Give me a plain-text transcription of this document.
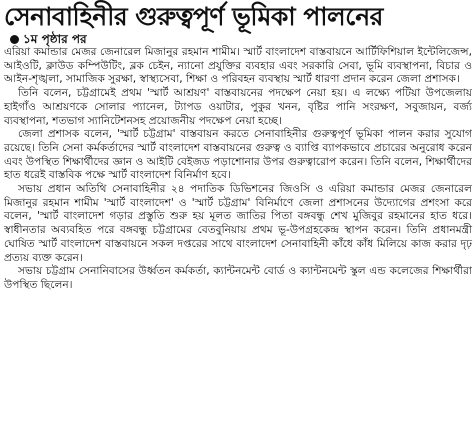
সেনাবাহিনীর গুরুত্বপূর্ণ ভূমিকা পালনের
১ম পৃষ্ঠার পর

এরিয়া কমান্ডার মেজর জেনারেল মিজানুর রহমান শামীম। স্মার্ট বাংলাদেশ বাস্তবায়নে আর্টিফিশিয়াল ইন্টেলিজেন্স, আইওটি, ক্লাউড কম্পিউটিং, ব্লক চেইন, ন্যানো প্রযুক্তির ব্যবহার এবং সরকারি সেবা, ভূমি ব্যবস্থাপনা, বিচার ও আইন-শৃঙ্খলা, সামাজিক সুরক্ষা, স্বাস্থ্যসেবা, শিক্ষা ও পরিবহন ব্যবস্থায় স্মার্ট ধারণা প্রদান করেন জেলা প্রশাসক।

তিনি বলেন, চট্টগ্রামেই প্রথম 'স্মার্ট আশ্রয়ণ' বাস্তবায়নের পদক্ষেপ নেয়া হয়। এ লক্ষ্যে পটিয়া উপজেলায় হাইগাঁও আশ্রয়ণকে সোলার প্যানেল, ট্যাপড ওয়াটার, পুকুর খনন, বৃষ্টির পানি সংরক্ষণ, সবুজায়ন, বর্জ্য ব্যবস্থাপনা, শতভাগ স্যানিটেশনসহ প্রয়োজনীয় পদক্ষেপ নেয়া হচ্ছে।

জেলা প্রশাসক বলেন, 'স্মার্ট চট্টগ্রাম' বাস্তবায়ন করতে সেনাবাহিনীর গুরুত্বপূর্ণ ভূমিকা পালন করার সুযোগ রয়েছে। তিনি সেনা কর্মকর্তাদের স্মার্ট বাংলাদেশ বাস্তবায়নের গুরুত্ব ও ব্যাপ্তি ব্যাপকভাবে প্রচারের অনুরোধ করেন এবং উপস্থিত শিক্ষার্থীদের জ্ঞান ও আইটি বেইজড পড়াশোনার উপর গুরুত্বারোপ করেন। তিনি বলেন, শিক্ষার্থীদের হাত ধরেই বাস্তবিক পক্ষে স্মার্ট বাংলাদেশ বিনির্মাণ হবে।

সভায় প্রধান অতিথি সেনাবাহিনীর ২৪ পদাতিক ডিভিশনের জিওসি ও এরিয়া কমান্ডার মেজর জেনারেল মিজানুর রহমান শামীম 'স্মার্ট বাংলাদেশ' ও 'স্মার্ট চট্টগ্রাম' বিনির্মাণে জেলা প্রশাসনের উদ্যোগের প্রশংসা করে বলেন, 'স্মার্ট বাংলাদেশ গড়ার প্রস্তুতি শুরু হয় মূলত জাতির পিতা বঙ্গবন্ধু শেখ মুজিবুর রহমানের হাত ধরে। স্বাধীনতার অব্যবহিত পরে বঙ্গবন্ধু চট্টগ্রামের বেতবুনিয়ায় প্রথম ভূ-উপগ্রহকেন্দ্র স্থাপন করেন। তিনি প্রধানমন্ত্রী ঘোষিত স্মার্ট বাংলাদেশ বাস্তবায়নে সকল দপ্তরের সাথে বাংলাদেশ সেনাবাহিনী কাঁধে কাঁধ মিলিয়ে কাজ করার দৃঢ় প্রত্যয় ব্যক্ত করেন।

সভায় চট্টগ্রাম সেনানিবাসের উর্ধ্বতন কর্মকর্তা, ক্যান্টনমেন্ট বোর্ড ও ক্যান্টনমেন্ট স্কুল এন্ড কলেজের শিক্ষার্থীরা উপস্থিত ছিলেন।
